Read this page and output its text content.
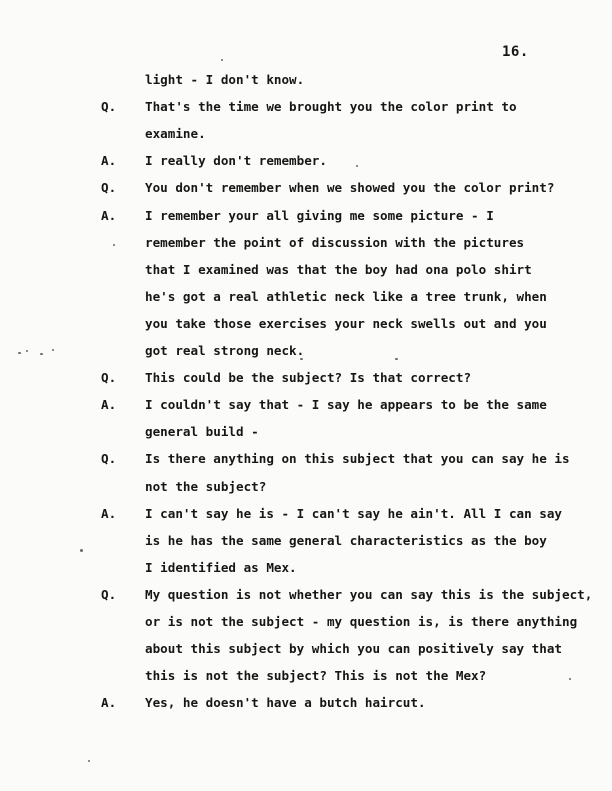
16.
light - I don't know.
Q. That's the time we brought you the color print to
examine.
A. I really don't remember.
Q. You don't remember when we showed you the color print?
A. I remember your all giving me some picture - I
remember the point of discussion with the pictures
that I examined was that the boy had ona polo shirt
he's got a real athletic neck like a tree trunk, when
you take those exercises your neck swells out and you
got real strong neck.
Q. This could be the subject? Is that correct?
A. I couldn't say that - I say he appears to be the same
general build -
Q. Is there anything on this subject that you can say he is
not the subject?
A. I can't say he is - I can't say he ain't. All I can say
is he has the same general characteristics as the boy
I identified as Mex.
Q. My question is not whether you can say this is the subject,
or is not the subject - my question is, is there anything
about this subject by which you can positively say that
this is not the subject? This is not the Mex?
A. Yes, he doesn't have a butch haircut.
